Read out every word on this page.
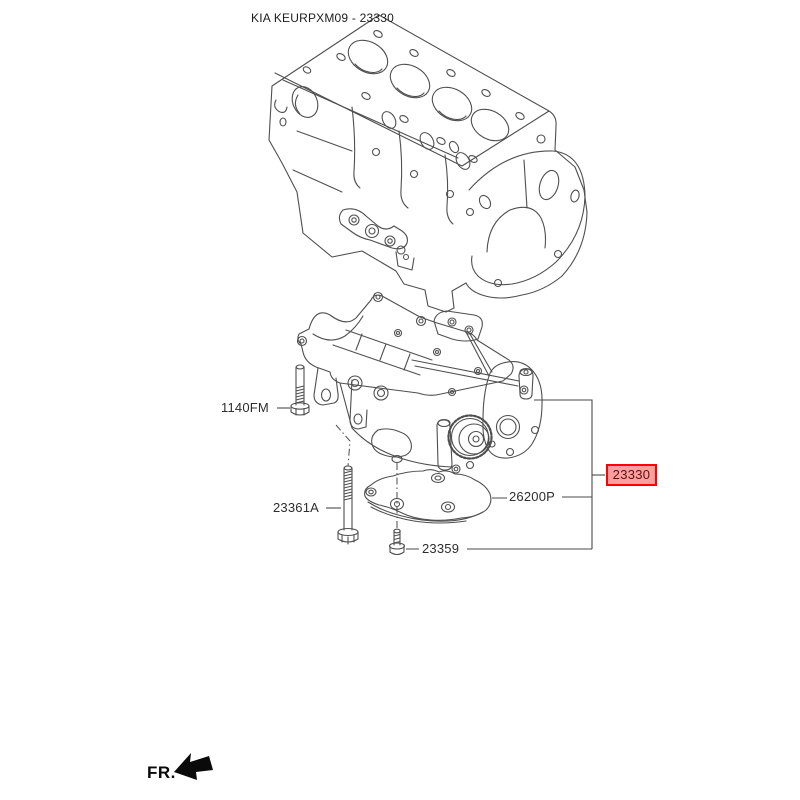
KIA KEURPXM09 - 23330
1140FM
23361A
26200P
23359
23330
FR.
